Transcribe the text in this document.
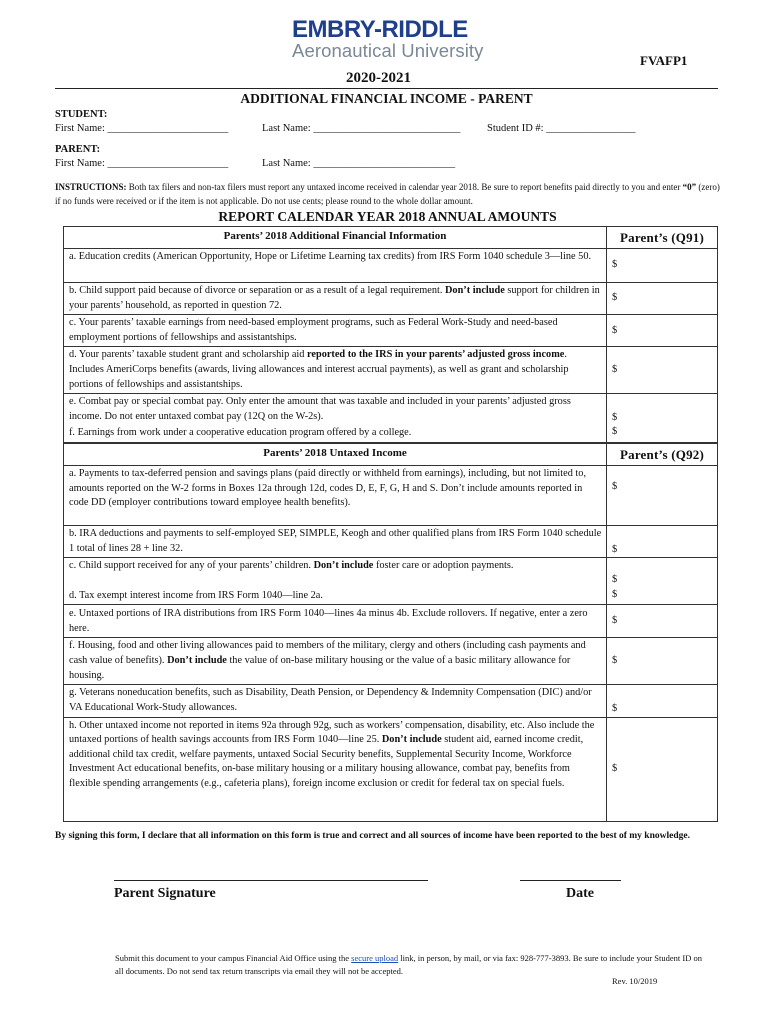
EMBRY-RIDDLE
Aeronautical University	FVAFP1
2020-2021
ADDITIONAL FINANCIAL INCOME - PARENT
STUDENT:
First Name: _______________________	Last Name: ____________________________	Student ID #: _________________
PARENT:
First Name: _______________________	Last Name: ___________________________
INSTRUCTIONS: Both tax filers and non-tax filers must report any untaxed income received in calendar year 2018. Be sure to report benefits paid directly to you and enter “0” (zero) if no funds were received or if the item is not applicable. Do not use cents; please round to the whole dollar amount.
REPORT CALENDAR YEAR 2018 ANNUAL AMOUNTS
Parents’ 2018 Additional Financial Information	Parent’s (Q91)
a. Education credits (American Opportunity, Hope or Lifetime Learning tax credits) from IRS Form 1040 schedule 3—line 50.	$
b. Child support paid because of divorce or separation or as a result of a legal requirement. Don’t include support for children in your parents’ household, as reported in question 72.	$
c. Your parents’ taxable earnings from need-based employment programs, such as Federal Work-Study and need-based employment portions of fellowships and assistantships.	$
d. Your parents’ taxable student grant and scholarship aid reported to the IRS in your parents’ adjusted gross income. Includes AmeriCorps benefits (awards, living allowances and interest accrual payments), as well as grant and scholarship portions of fellowships and assistantships.	$
e. Combat pay or special combat pay. Only enter the amount that was taxable and included in your parents’ adjusted gross income. Do not enter untaxed combat pay (12Q on the W-2s).	$

f. Earnings from work under a cooperative education program offered by a college.	$
Parents’ 2018 Untaxed Income	Parent’s (Q92)
a. Payments to tax-deferred pension and savings plans (paid directly or withheld from earnings), including, but not limited to, amounts reported on the W-2 forms in Boxes 12a through 12d, codes D, E, F, G, H and S. Don’t include amounts reported in code DD (employer contributions toward employee health benefits).	$
b. IRA deductions and payments to self-employed SEP, SIMPLE, Keogh and other qualified plans from IRS Form 1040 schedule 1 total of lines 28 + line 32.	$

c. Child support received for any of your parents’ children. Don’t include foster care or adoption payments.	$

d. Tax exempt interest income from IRS Form 1040—line 2a.	$

e. Untaxed portions of IRA distributions from IRS Form 1040—lines 4a minus 4b. Exclude rollovers. If negative, enter a zero here.	$
f. Housing, food and other living allowances paid to members of the military, clergy and others (including cash payments and cash value of benefits). Don’t include the value of on-base military housing or the value of a basic military allowance for housing.	$
g. Veterans noneducation benefits, such as Disability, Death Pension, or Dependency & Indemnity Compensation (DIC) and/or VA Educational Work-Study allowances.	$

h. Other untaxed income not reported in items 92a through 92g, such as workers’ compensation, disability, etc. Also include the untaxed portions of health savings accounts from IRS Form 1040—line 25. Don’t include student aid, earned income credit, additional child tax credit, welfare payments, untaxed Social Security benefits, Supplemental Security Income, Workforce Investment Act educational benefits, on-base military housing or a military housing allowance, combat pay, benefits from flexible spending arrangements (e.g., cafeteria plans), foreign income exclusion or credit for federal tax on special fuels.	$
By signing this form, I declare that all information on this form is true and correct and all sources of income have been reported to the best of my knowledge.
Parent Signature	Date
Submit this document to your campus Financial Aid Office using the secure upload link, in person, by mail, or via fax: 928-777-3893. Be sure to include your Student ID on all documents. Do not send tax return transcripts via email they will not be accepted.
Rev. 10/2019
